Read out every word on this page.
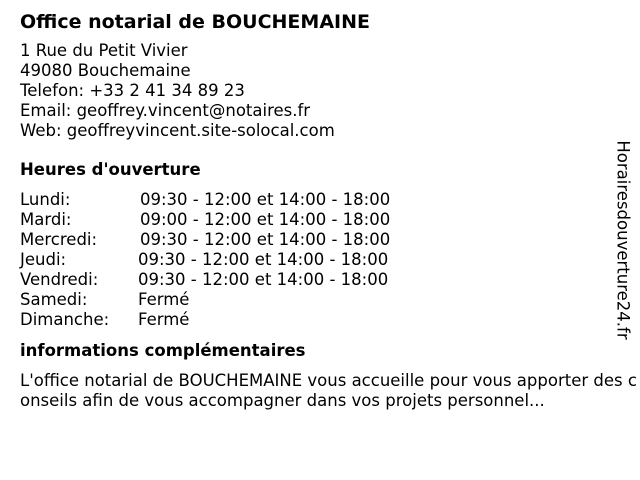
Office notarial de BOUCHEMAINE
1 Rue du Petit Vivier
49080 Bouchemaine
Telefon: +33 2 41 34 89 23
Email: geoffrey.vincent@notaires.fr
Web: geoffreyvincent.site-solocal.com
Heures d'ouverture
Lundi:	09:30 - 12:00 et 14:00 - 18:00
Mardi:	09:00 - 12:00 et 14:00 - 18:00
Mercredi:	09:30 - 12:00 et 14:00 - 18:00
Jeudi:	09:30 - 12:00 et 14:00 - 18:00
Vendredi:	09:30 - 12:00 et 14:00 - 18:00
Samedi:	Fermé
Dimanche:	Fermé
informations complémentaires
L'office notarial de BOUCHEMAINE vous accueille pour vous apporter des conseils afin de vous accompagner dans vos projets personnel...
Horairesdouverture24.fr
